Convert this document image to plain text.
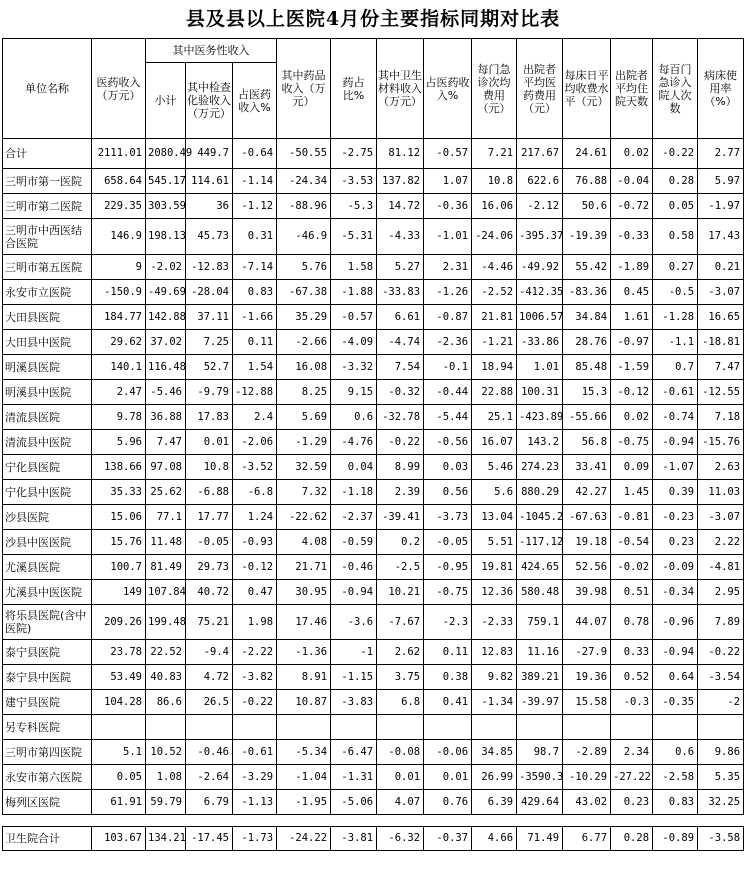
县及县以上医院4月份主要指标同期对比表
单位名称	医药收入（万元）	其中医务性收入			其中药品收入（万元）	药占比%	其中卫生材料收入（万元）	占医药收入%	每门急诊次均费用（元）	出院者平均医药费用（元）	每床日平均收费水平（元）	出院者平均住院天数	每百门急诊入院人次数	病床使用率（%）
		小计	其中检查化验收入（万元）	占医药收入%										
合计	2111.01	2080.49	449.7	-0.64	-50.55	-2.75	81.12	-0.57	7.21	217.67	24.61	0.02	-0.22	2.77
三明市第一医院	658.64	545.17	114.61	-1.14	-24.34	-3.53	137.82	1.07	10.8	622.6	76.88	-0.04	0.28	5.97
三明市第二医院	229.35	303.59	36	-1.12	-88.96	-5.3	14.72	-0.36	16.06	-2.12	50.6	-0.72	0.05	-1.97
三明市中西医结合医院	146.9	198.13	45.73	0.31	-46.9	-5.31	-4.33	-1.01	-24.06	-395.37	-19.39	-0.33	0.58	17.43
三明市第五医院	9	-2.02	-12.83	-7.14	5.76	1.58	5.27	2.31	-4.46	-49.92	55.42	-1.89	0.27	0.21
永安市立医院	-150.9	-49.69	-28.04	0.83	-67.38	-1.88	-33.83	-1.26	-2.52	-412.35	-83.36	0.45	-0.5	-3.07
大田县医院	184.77	142.88	37.11	-1.66	35.29	-0.57	6.61	-0.87	21.81	1006.57	34.84	1.61	-1.28	16.65
大田县中医院	29.62	37.02	7.25	0.11	-2.66	-4.09	-4.74	-2.36	-1.21	-33.86	28.76	-0.97	-1.1	-18.81
明溪县医院	140.1	116.48	52.7	1.54	16.08	-3.32	7.54	-0.1	18.94	1.01	85.48	-1.59	0.7	7.47
明溪县中医院	2.47	-5.46	-9.79	-12.88	8.25	9.15	-0.32	-0.44	22.88	100.31	15.3	-0.12	-0.61	-12.55
清流县医院	9.78	36.88	17.83	2.4	5.69	0.6	-32.78	-5.44	25.1	-423.89	-55.66	0.02	-0.74	7.18
清流县中医院	5.96	7.47	0.01	-2.06	-1.29	-4.76	-0.22	-0.56	16.07	143.2	56.8	-0.75	-0.94	-15.76
宁化县医院	138.66	97.08	10.8	-3.52	32.59	0.04	8.99	0.03	5.46	274.23	33.41	0.09	-1.07	2.63
宁化县中医院	35.33	25.62	-6.88	-6.8	7.32	-1.18	2.39	0.56	5.6	880.29	42.27	1.45	0.39	11.03
沙县医院	15.06	77.1	17.77	1.24	-22.62	-2.37	-39.41	-3.73	13.04	-1045.2	-67.63	-0.81	-0.23	-3.07
沙县中医医院	15.76	11.48	-0.05	-0.93	4.08	-0.59	0.2	-0.05	5.51	-117.12	19.18	-0.54	0.23	2.22
尤溪县医院	100.7	81.49	29.73	-0.12	21.71	-0.46	-2.5	-0.95	19.81	424.65	52.56	-0.02	-0.09	-4.81
尤溪县中医医院	149	107.84	40.72	0.47	30.95	-0.94	10.21	-0.75	12.36	580.48	39.98	0.51	-0.34	2.95
将乐县医院(含中医院)	209.26	199.48	75.21	1.98	17.46	-3.6	-7.67	-2.3	-2.33	759.1	44.07	0.78	-0.96	7.89
泰宁县医院	23.78	22.52	-9.4	-2.22	-1.36	-1	2.62	0.11	12.83	11.16	-27.9	0.33	-0.94	-0.22
泰宁县中医院	53.49	40.83	4.72	-3.82	8.91	-1.15	3.75	0.38	9.82	389.21	19.36	0.52	0.64	-3.54
建宁县医院	104.28	86.6	26.5	-0.22	10.87	-3.83	6.8	0.41	-1.34	-39.97	15.58	-0.3	-0.35	-2
另专科医院														
三明市第四医院	5.1	10.52	-0.46	-0.61	-5.34	-6.47	-0.08	-0.06	34.85	98.7	-2.89	2.34	0.6	9.86
永安市第六医院	0.05	1.08	-2.64	-3.29	-1.04	-1.31	0.01	0.01	26.99	-3590.3	-10.29	-27.22	-2.58	5.35
梅列区医院	61.91	59.79	6.79	-1.13	-1.95	-5.06	4.07	0.76	6.39	429.64	43.02	0.23	0.83	32.25

卫生院合计	103.67	134.21	-17.45	-1.73	-24.22	-3.81	-6.32	-0.37	4.66	71.49	6.77	0.28	-0.89	-3.58
